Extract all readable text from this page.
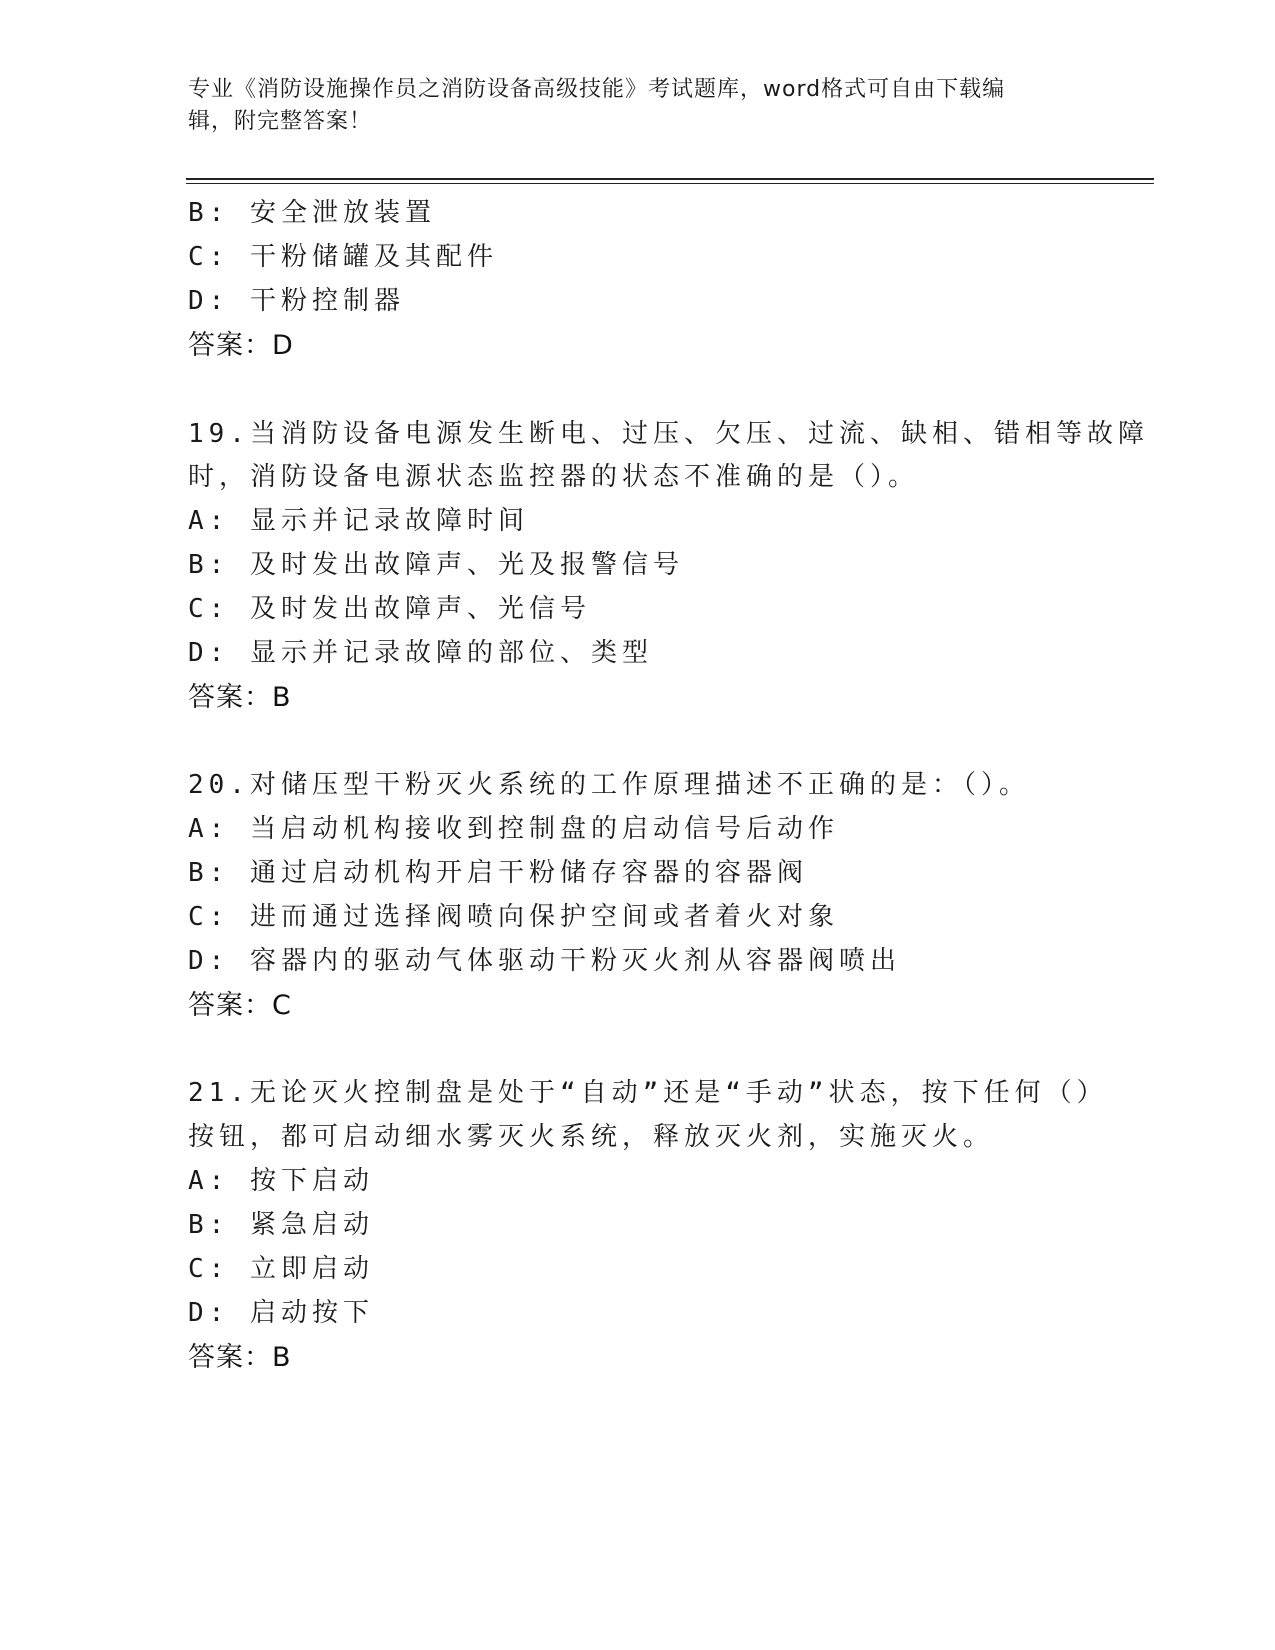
专业《消防设施操作员之消防设备高级技能》考试题库，word格式可自由下载编
辑，附完整答案！
B: 安全泄放装置
C: 干粉储罐及其配件
D: 干粉控制器
答案：D
19.当消防设备电源发生断电、过压、欠压、过流、缺相、错相等故障
时，消防设备电源状态监控器的状态不准确的是（）。
A: 显示并记录故障时间
B: 及时发出故障声、光及报警信号
C: 及时发出故障声、光信号
D: 显示并记录故障的部位、类型
答案：B
20.对储压型干粉灭火系统的工作原理描述不正确的是：（）。
A: 当启动机构接收到控制盘的启动信号后动作
B: 通过启动机构开启干粉储存容器的容器阀
C: 进而通过选择阀喷向保护空间或者着火对象
D: 容器内的驱动气体驱动干粉灭火剂从容器阀喷出
答案：C
21.无论灭火控制盘是处于“自动”还是“手动”状态，按下任何（）
按钮，都可启动细水雾灭火系统，释放灭火剂，实施灭火。
A: 按下启动
B: 紧急启动
C: 立即启动
D: 启动按下
答案：B
